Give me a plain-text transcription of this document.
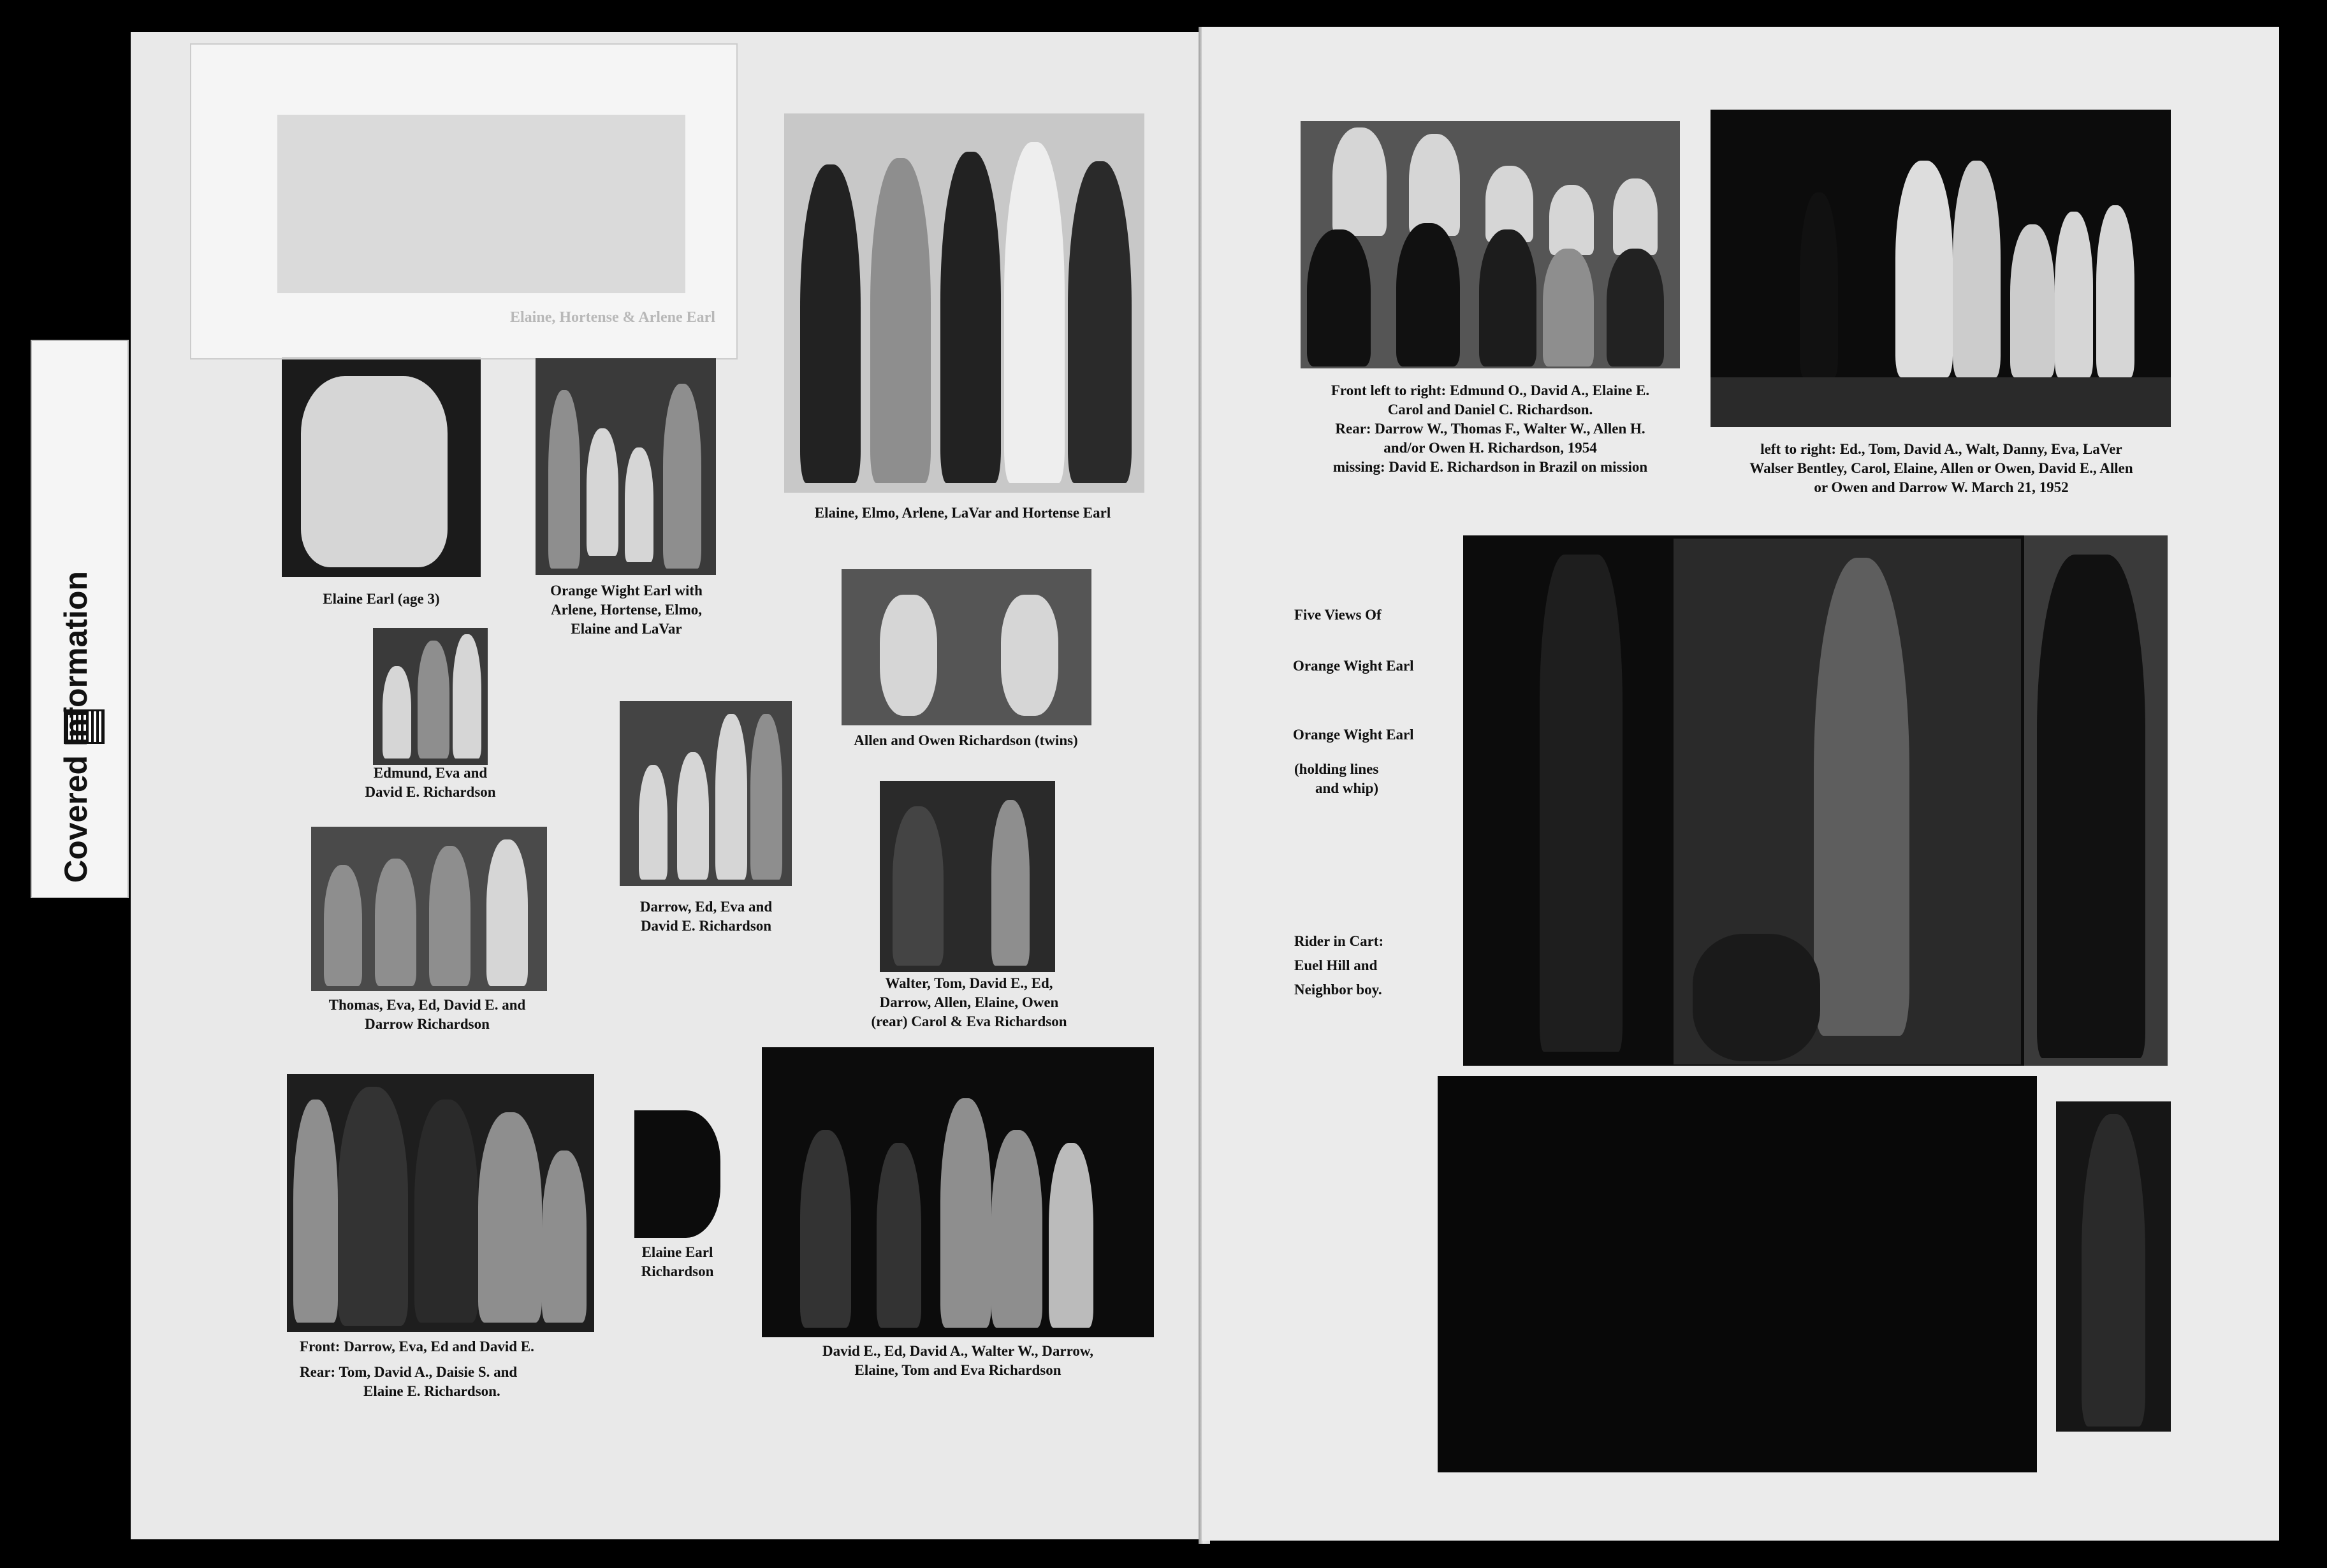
Covered Information	Elaine Earl (age 3)
Elaine, Hortense & Arlene Earl
Orange Wight Earl with
Arlene, Hortense, Elmo,
Elaine and LaVar
Elaine, Elmo, Arlene, LaVar and Hortense Earl
Edmund, Eva and
David E. Richardson
Allen and Owen Richardson (twins)
Darrow, Ed, Eva and
David E. Richardson
Thomas, Eva, Ed, David E. and
Darrow Richardson
Walter, Tom, David E., Ed,
Darrow, Allen, Elaine, Owen
(rear) Carol & Eva Richardson
Front: Darrow, Eva, Ed and David E.
Rear: Tom, David A., Daisie S. and
Elaine E. Richardson.
Elaine Earl
Richardson
David E., Ed, David A., Walter W., Darrow,
Elaine, Tom and Eva Richardson
Front left to right: Edmund O., David A., Elaine E.
Carol and Daniel C. Richardson.
Rear: Darrow W., Thomas F., Walter W., Allen H.
and/or Owen H. Richardson, 1954
missing: David E. Richardson in Brazil on mission
left to right: Ed., Tom, David A., Walt, Danny, Eva, LaVer
Walser Bentley, Carol, Elaine, Allen or Owen, David E., Allen
or Owen and Darrow W. March 21, 1952
Five Views Of
Orange Wight Earl
Orange Wight Earl
(holding lines
and whip)
Rider in Cart:
Euel Hill and
Neighbor boy.
